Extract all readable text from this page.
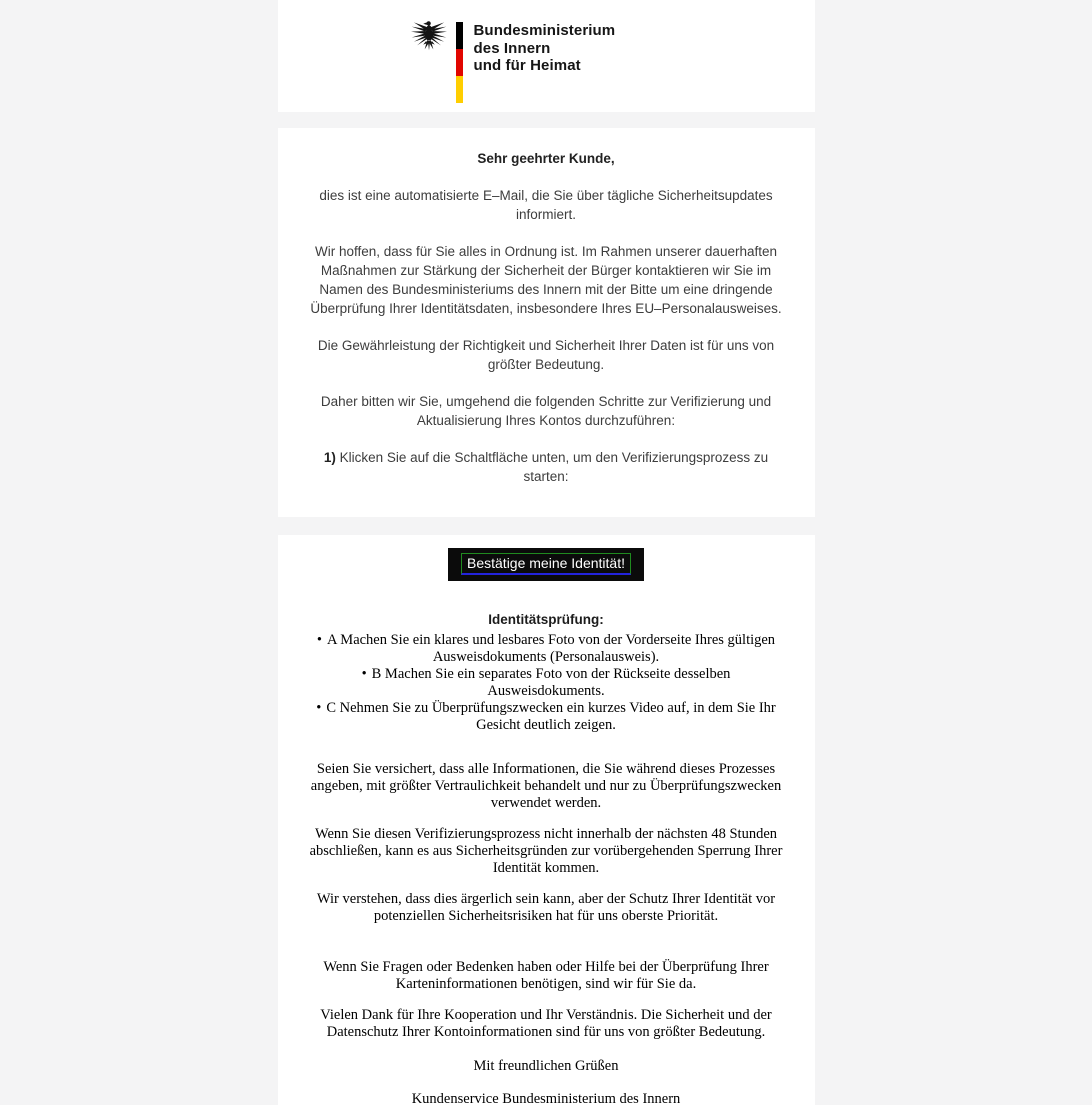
Bundesministerium
des Innern
und für Heimat
Sehr geehrter Kunde,

dies ist eine automatisierte E–Mail, die Sie über tägliche Sicherheitsupdates informiert.

Wir hoffen, dass für Sie alles in Ordnung ist. Im Rahmen unserer dauerhaften Maßnahmen zur Stärkung der Sicherheit der Bürger kontaktieren wir Sie im Namen des Bundesministeriums des Innern mit der Bitte um eine dringende Überprüfung Ihrer Identitätsdaten, insbesondere Ihres EU–Personalausweises.

Die Gewährleistung der Richtigkeit und Sicherheit Ihrer Daten ist für uns von größter Bedeutung.

Daher bitten wir Sie, umgehend die folgenden Schritte zur Verifizierung und Aktualisierung Ihres Kontos durchzuführen:

1) Klicken Sie auf die Schaltfläche unten, um den Verifizierungsprozess zu starten:

Bestätige meine Identität!
Identitätsprüfung:
• A Machen Sie ein klares und lesbares Foto von der Vorderseite Ihres gültigen Ausweisdokuments (Personalausweis).
• B Machen Sie ein separates Foto von der Rückseite desselben Ausweisdokuments.
• C Nehmen Sie zu Überprüfungszwecken ein kurzes Video auf, in dem Sie Ihr Gesicht deutlich zeigen.

Seien Sie versichert, dass alle Informationen, die Sie während dieses Prozesses angeben, mit größter Vertraulichkeit behandelt und nur zu Überprüfungszwecken verwendet werden.

Wenn Sie diesen Verifizierungsprozess nicht innerhalb der nächsten 48 Stunden abschließen, kann es aus Sicherheitsgründen zur vorübergehenden Sperrung Ihrer Identität kommen.

Wir verstehen, dass dies ärgerlich sein kann, aber der Schutz Ihrer Identität vor potenziellen Sicherheitsrisiken hat für uns oberste Priorität.

Wenn Sie Fragen oder Bedenken haben oder Hilfe bei der Überprüfung Ihrer Karteninformationen benötigen, sind wir für Sie da.

Vielen Dank für Ihre Kooperation und Ihr Verständnis. Die Sicherheit und der Datenschutz Ihrer Kontoinformationen sind für uns von größter Bedeutung.

Mit freundlichen Grüßen

Kundenservice Bundesministerium des Innern
